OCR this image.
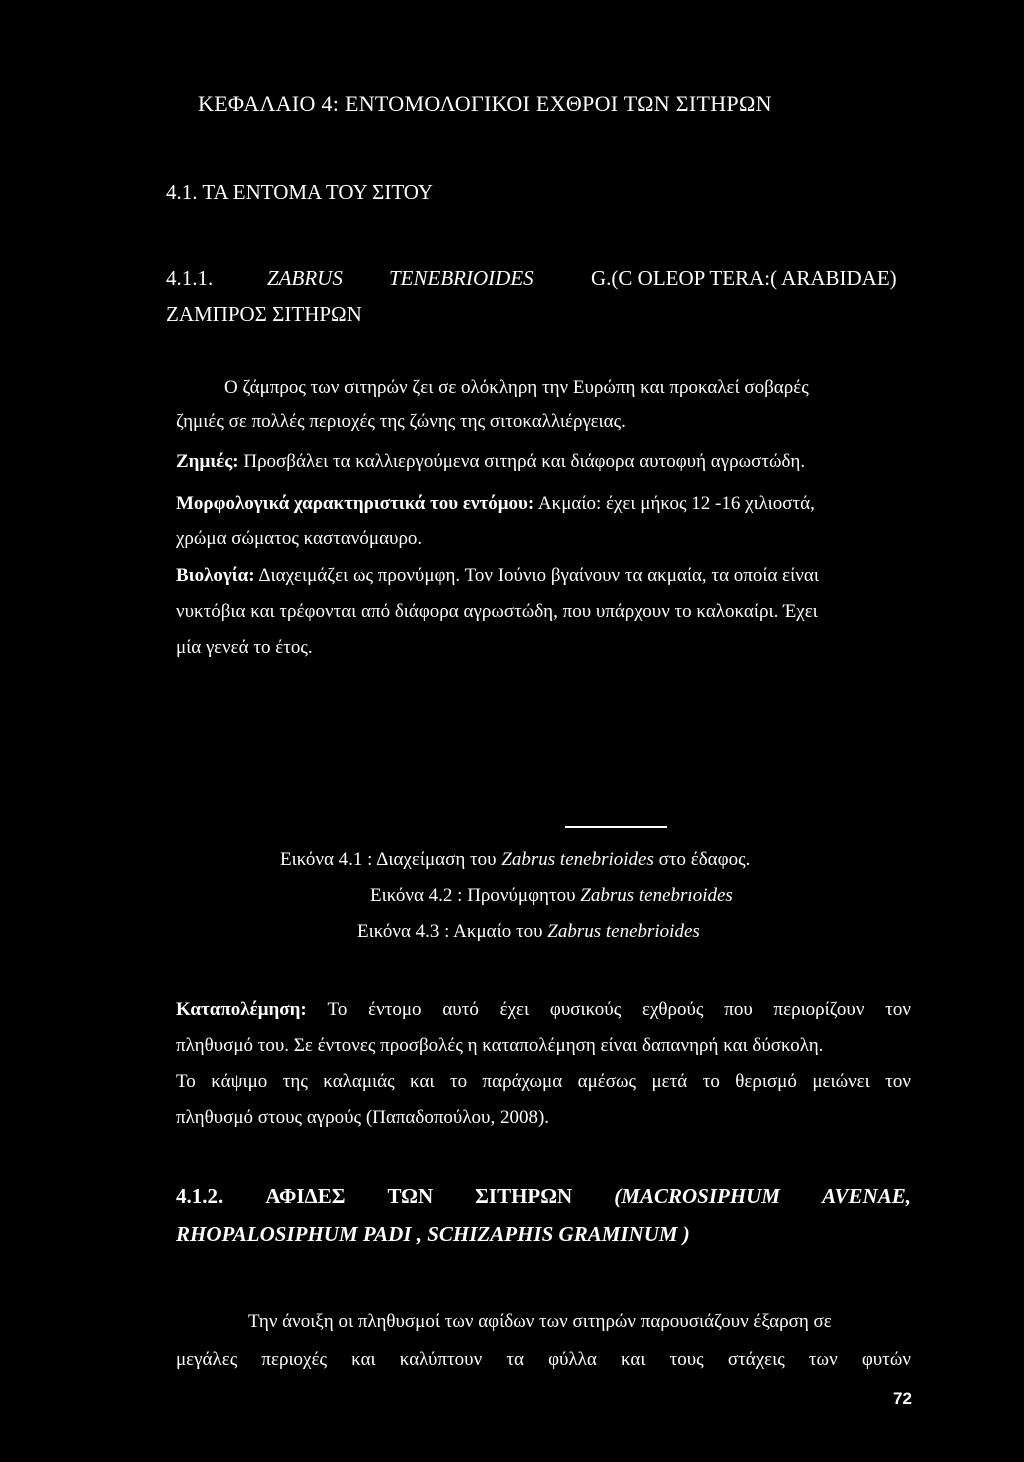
ΚΕΦΑΛΑΙΟ 4: ΕΝΤΟΜΟΛΟΓΙΚΟΙ ΕΧΘΡΟΙ ΤΩΝ ΣΙΤΗΡΩΝ
4.1. ΤΑ ΕΝΤΟΜΑ ΤΟΥ ΣΙΤΟΥ
4.1.1.	ZABRUS TENEBRIOIDES	G.(C OLEOP TERA:( ARABIDAE)
ΖΑΜΠΡΟΣ ΣΙΤΗΡΩΝ
Ο ζάμπρος των σιτηρών ζει σε ολόκληρη την Ευρώπη και προκαλεί σοβαρές
ζημιές σε πολλές περιοχές της ζώνης της σιτοκαλλιέργειας.
Ζημιές: Προσβάλει τα καλλιεργούμενα σιτηρά και διάφορα αυτοφυή αγρωστώδη.
Μορφολογικά χαρακτηριστικά του εντόμου: Ακμαίο: έχει μήκος 12 -16 χιλιοστά,
χρώμα σώματος καστανόμαυρο.
Βιολογία: Διαχειμάζει ως προνύμφη. Τον Ιούνιο βγαίνουν τα ακμαία, τα οποία είναι
νυκτόβια και τρέφονται από διάφορα αγρωστώδη, που υπάρχουν το καλοκαίρι. Έχει
μία γενεά το έτος.
Εικόνα 4.1 : Διαχείμαση του Zabrus tenebrioides στο έδαφος.
Εικόνα 4.2 : Προνύμφητου Zabrus tenebrıoides
Εικόνα 4.3 : Ακμαίο του Zabrus tenebrioides
Καταπολέμηση: Το έντομο αυτό έχει φυσικούς εχθρούς που περιορίζουν τον
πληθυσμό του. Σε έντονες προσβολές η καταπολέμηση είναι δαπανηρή και δύσκολη.
Το κάψιμο της καλαμιάς και το παράχωμα αμέσως μετά το θερισμό μειώνει τον
πληθυσμό στους αγρούς (Παπαδοπούλου, 2008).
4.1.2. ΑΦΙΔΕΣ ΤΩΝ ΣΙΤΗΡΩΝ (MACROSIPHUM AVENAE,
RHOPALOSIPHUM PADI , SCHIZAPHIS GRAMINUM )
Την άνοιξη οι πληθυσμοί των αφίδων των σιτηρών παρουσιάζουν έξαρση σε
μεγάλες περιοχές και καλύπτουν τα φύλλα και τους στάχεις των φυτών
72
